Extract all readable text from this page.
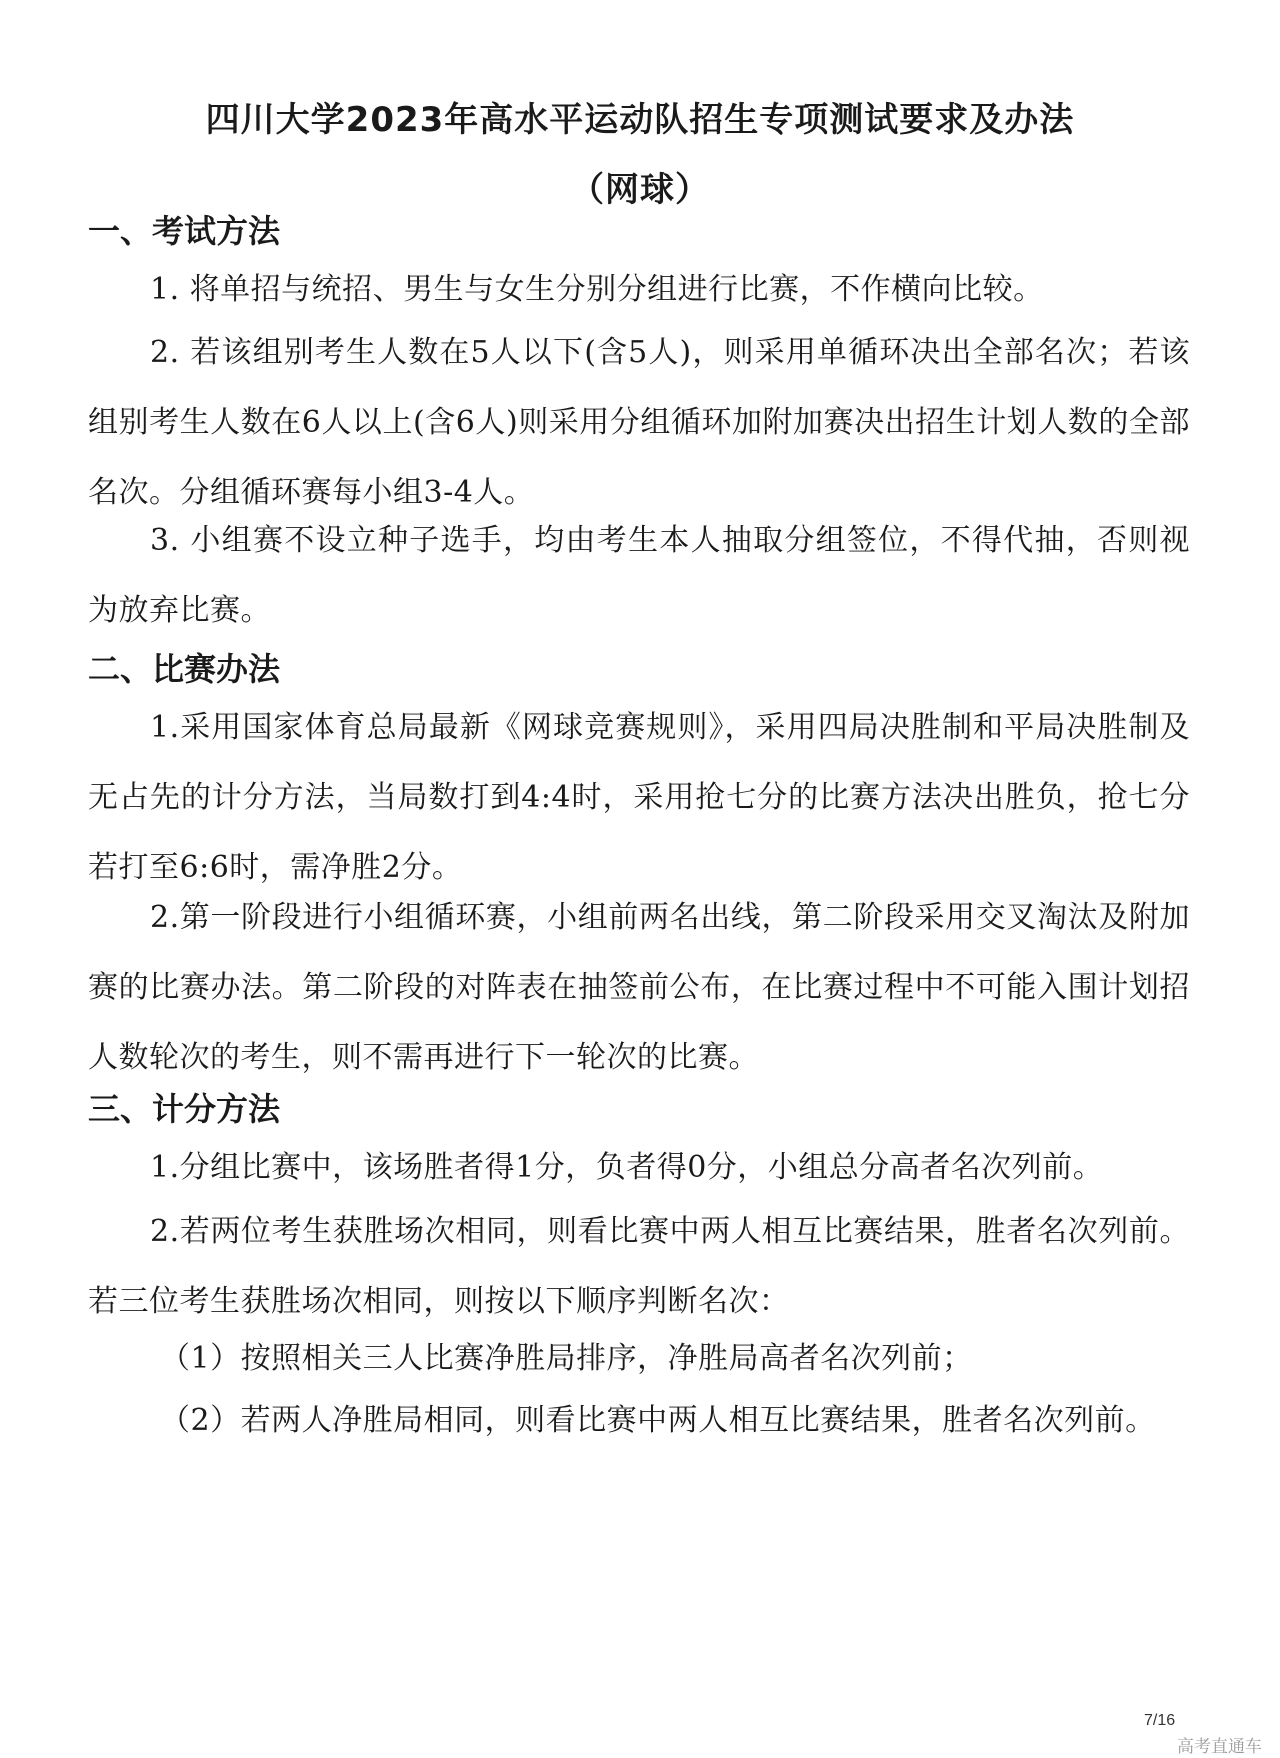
四川大学2023年高水平运动队招生专项测试要求及办法
（网球）
一、考试方法

1. 将单招与统招、男生与女生分别分组进行比赛，不作横向比较。

2. 若该组别考生人数在5人以下(含5人)，则采用单循环决出全部名次；若该组别考生人数在6人以上(含6人)则采用分组循环加附加赛决出招生计划人数的全部名次。分组循环赛每小组3-4人。

3. 小组赛不设立种子选手，均由考生本人抽取分组签位，不得代抽，否则视为放弃比赛。

二、比赛办法

1.采用国家体育总局最新《网球竞赛规则》，采用四局决胜制和平局决胜制及无占先的计分方法，当局数打到4:4时，采用抢七分的比赛方法决出胜负，抢七分若打至6:6时，需净胜2分。

2.第一阶段进行小组循环赛，小组前两名出线，第二阶段采用交叉淘汰及附加赛的比赛办法。第二阶段的对阵表在抽签前公布，在比赛过程中不可能入围计划招人数轮次的考生，则不需再进行下一轮次的比赛。

三、计分方法

1.分组比赛中，该场胜者得1分，负者得0分，小组总分高者名次列前。

2.若两位考生获胜场次相同，则看比赛中两人相互比赛结果，胜者名次列前。若三位考生获胜场次相同，则按以下顺序判断名次：

（1）按照相关三人比赛净胜局排序，净胜局高者名次列前；

（2）若两人净胜局相同，则看比赛中两人相互比赛结果，胜者名次列前。

7/16
高考直通车
